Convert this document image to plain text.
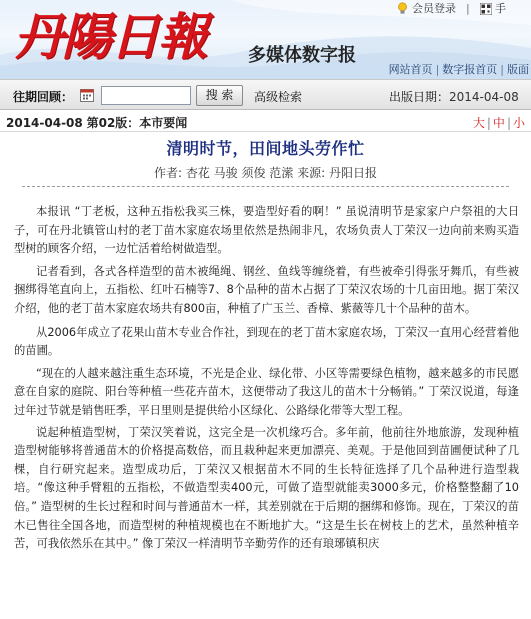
丹陽日報 多媒体数字报
会员登录 | 手
网站首页 | 数字报首页 | 版面
往期回顾：	搜 索	高级检索	出版日期：2014-04-08
2014-04-08 第02版：本市要闻	大 | 中 | 小
清明时节，田间地头劳作忙
作者: 杏花 马骏 须俊 范潆 来源: 丹阳日报

本报讯 “丁老板，这种五指松我买三株，要造型好看的啊！” 虽说清明节是家家户户祭祖的大日子，可在丹北镇管山村的老丁苗木家庭农场里依然是热闹非凡，农场负责人丁荣汉一边向前来购买造型树的顾客介绍，一边忙活着给树做造型。

记者看到，各式各样造型的苗木被绳绳、钢丝、鱼线等缠绕着，有些被牵引得张牙舞爪，有些被捆绑得笔直向上，五指松、红叶石楠等7、8个品种的苗木占据了丁荣汉农场的十几亩田地。据丁荣汉介绍，他的老丁苗木家庭农场共有800亩，种植了广玉兰、香樟、紫薇等几十个品种的苗木。

从2006年成立了花果山苗木专业合作社，到现在的老丁苗木家庭农场，丁荣汉一直用心经营着他的苗圃。

“现在的人越来越注重生态环境，不光是企业、绿化带、小区等需要绿色植物，越来越多的市民愿意在自家的庭院、阳台等种植一些花卉苗木，这便带动了我这儿的苗木十分畅销。” 丁荣汉说道，每逢过年过节就是销售旺季，平日里则是提供给小区绿化、公路绿化带等大型工程。

说起种植造型树，丁荣汉笑着说，这完全是一次机缘巧合。多年前，他前往外地旅游，发现种植造型树能够将普通苗木的价格提高数倍，而且栽种起来更加漂亮、美观。于是他回到苗圃便试种了几棵，自行研究起来。造型成功后，丁荣汉又根据苗木不同的生长特征选择了几个品种进行造型栽培。“像这种手臂粗的五指松，不做造型卖400元，可做了造型就能卖3000多元，价格整整翻了10倍。” 造型树的生长过程和时间与普通苗木一样，其差别就在于后期的捆绑和修饰。现在，丁荣汉的苗木已售往全国各地，而造型树的种植规模也在不断地扩大。“这是生长在树枝上的艺术，虽然种植辛苦，可我依然乐在其中。” 像丁荣汉一样清明节辛勤劳作的还有琅琊镇积庆
